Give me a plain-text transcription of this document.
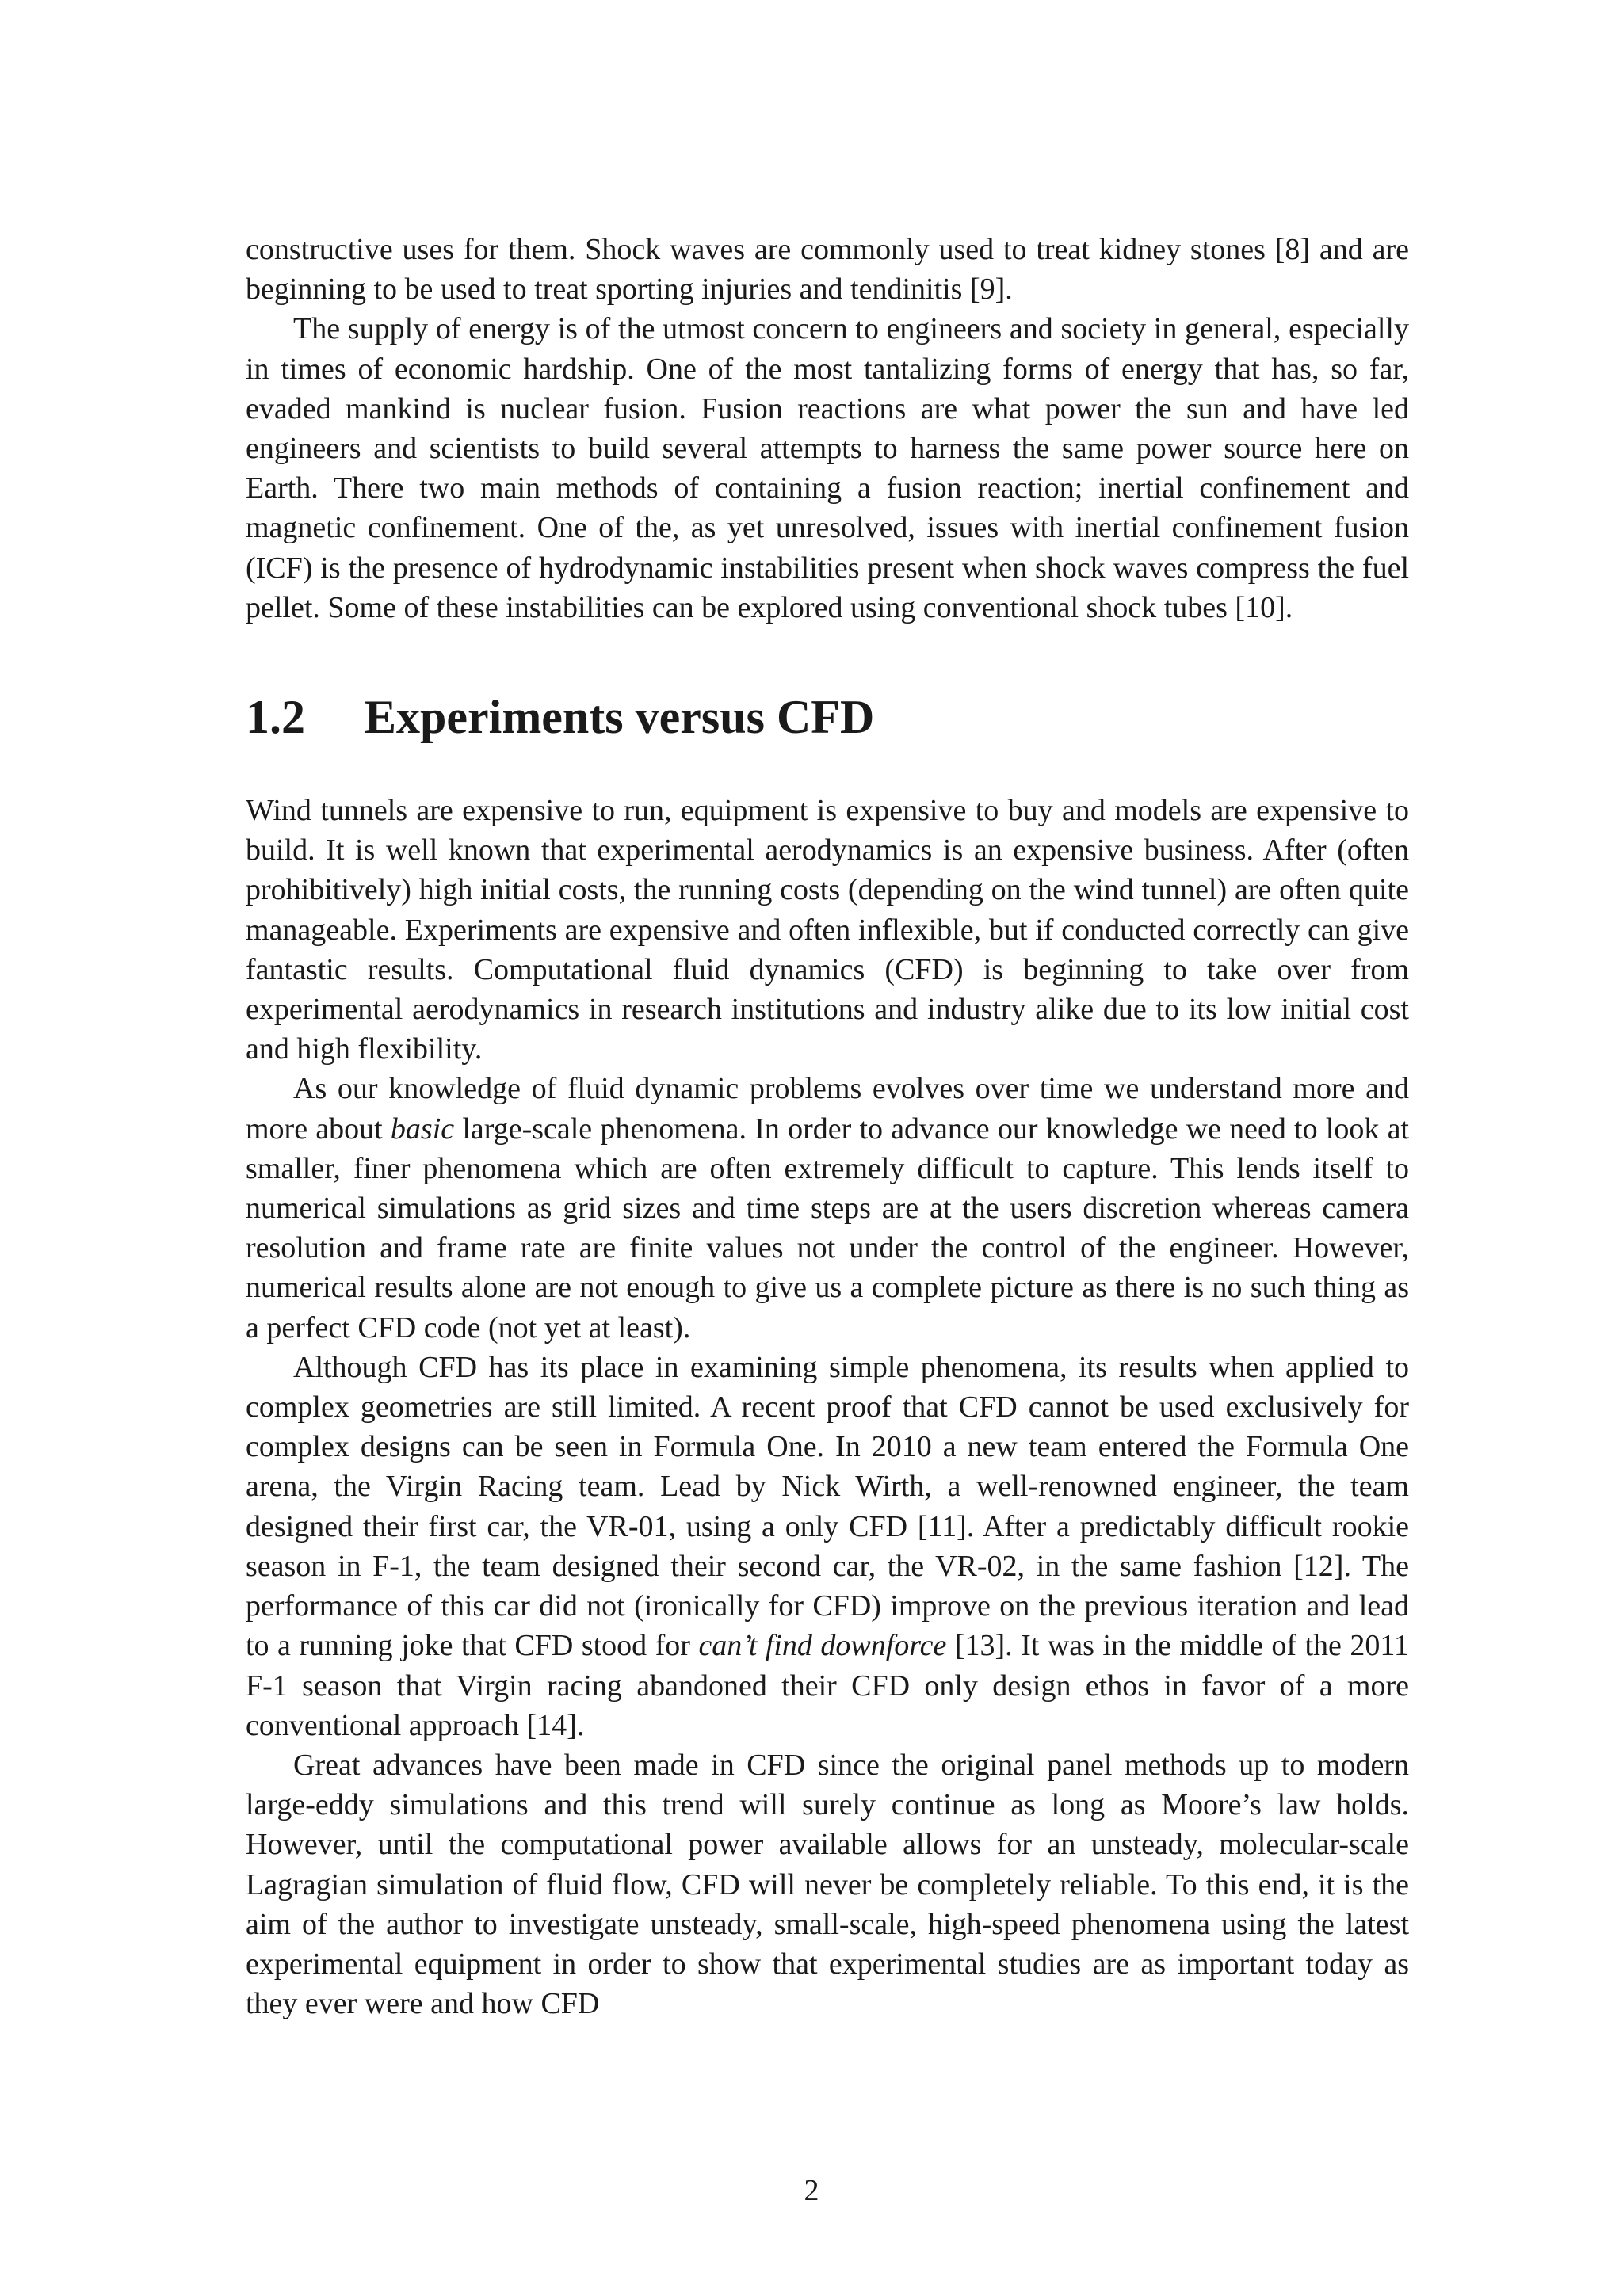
constructive uses for them. Shock waves are commonly used to treat kidney stones [8] and are beginning to be used to treat sporting injuries and tendinitis [9].

The supply of energy is of the utmost concern to engineers and society in general, especially in times of economic hardship. One of the most tantalizing forms of energy that has, so far, evaded mankind is nuclear fusion. Fusion reactions are what power the sun and have led engineers and scientists to build several attempts to harness the same power source here on Earth. There two main methods of containing a fusion reaction; inertial confinement and magnetic confinement. One of the, as yet unresolved, issues with inertial confinement fusion (ICF) is the presence of hydrodynamic instabilities present when shock waves compress the fuel pellet. Some of these instabilities can be explored using conventional shock tubes [10].

1.2	Experiments versus CFD

Wind tunnels are expensive to run, equipment is expensive to buy and models are expensive to build. It is well known that experimental aerodynamics is an expensive business. After (often prohibitively) high initial costs, the running costs (depending on the wind tunnel) are often quite manageable. Experiments are expensive and often inflexible, but if conducted correctly can give fantastic results. Computational fluid dynamics (CFD) is beginning to take over from experimental aerodynamics in research institutions and industry alike due to its low initial cost and high flexibility.

As our knowledge of fluid dynamic problems evolves over time we understand more and more about basic large-scale phenomena. In order to advance our knowledge we need to look at smaller, finer phenomena which are often extremely difficult to capture. This lends itself to numerical simulations as grid sizes and time steps are at the users discretion whereas camera resolution and frame rate are finite values not under the control of the engineer. However, numerical results alone are not enough to give us a complete picture as there is no such thing as a perfect CFD code (not yet at least).

Although CFD has its place in examining simple phenomena, its results when applied to complex geometries are still limited. A recent proof that CFD cannot be used exclusively for complex designs can be seen in Formula One. In 2010 a new team entered the Formula One arena, the Virgin Racing team. Lead by Nick Wirth, a well-renowned engineer, the team designed their first car, the VR-01, using a only CFD [11]. After a predictably difficult rookie season in F-1, the team designed their second car, the VR-02, in the same fashion [12]. The performance of this car did not (ironically for CFD) improve on the previous iteration and lead to a running joke that CFD stood for can’t find downforce [13]. It was in the middle of the 2011 F-1 season that Virgin racing abandoned their CFD only design ethos in favor of a more conventional approach [14].

Great advances have been made in CFD since the original panel methods up to modern large-eddy simulations and this trend will surely continue as long as Moore’s law holds. However, until the computational power available allows for an unsteady, molecular-scale Lagragian simulation of fluid flow, CFD will never be completely reliable. To this end, it is the aim of the author to investigate unsteady, small-scale, high-speed phenomena using the latest experimental equipment in order to show that experimental studies are as important today as they ever were and how CFD

2
